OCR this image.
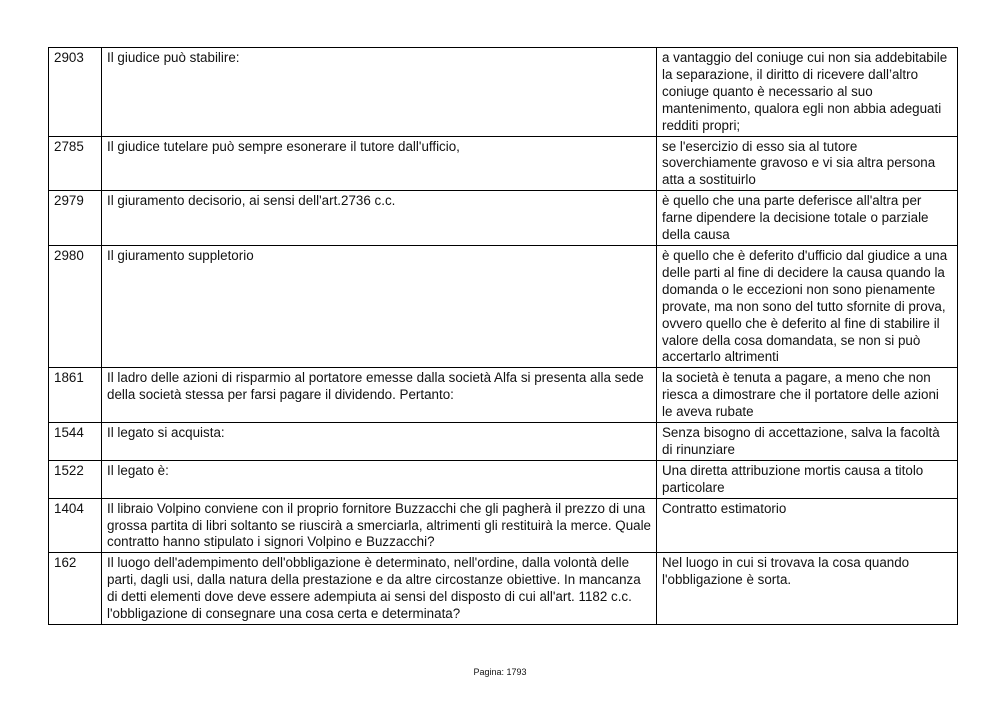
2903	Il giudice può stabilire:	a vantaggio del coniuge cui non sia addebitabile la separazione, il diritto di ricevere dall’altro coniuge quanto è necessario al suo mantenimento, qualora egli non abbia adeguati redditi propri;
2785	Il giudice tutelare può sempre esonerare il tutore dall'ufficio,	se l'esercizio di esso sia al tutore soverchiamente gravoso e vi sia altra persona atta a sostituirlo
2979	Il giuramento decisorio, ai sensi dell'art.2736 c.c.	è quello che una parte deferisce all'altra per farne dipendere la decisione totale o parziale della causa
2980	Il giuramento suppletorio	è quello che è deferito d'ufficio dal giudice a una delle parti al fine di decidere la causa quando la domanda o le eccezioni non sono pienamente provate, ma non sono del tutto sfornite di prova, ovvero quello che è deferito al fine di stabilire il valore della cosa domandata, se non si può accertarlo altrimenti
1861	Il ladro delle azioni di risparmio al portatore emesse dalla società Alfa si presenta alla sede della società stessa per farsi pagare il dividendo. Pertanto:	la società è tenuta a pagare, a meno che non riesca a dimostrare che il portatore delle azioni le aveva rubate
1544	Il legato si acquista:	Senza bisogno di accettazione, salva la facoltà di rinunziare
1522	Il legato è:	Una diretta attribuzione mortis causa a titolo particolare
1404	Il libraio Volpino conviene con il proprio fornitore Buzzacchi che gli pagherà il prezzo di una grossa partita di libri soltanto se riuscirà a smerciarla, altrimenti gli restituirà la merce. Quale contratto hanno stipulato i signori Volpino e Buzzacchi?	Contratto estimatorio
162	Il luogo dell'adempimento dell'obbligazione è determinato, nell'ordine, dalla volontà delle parti, dagli usi, dalla natura della prestazione e da altre circostanze obiettive. In mancanza di detti elementi dove deve essere adempiuta ai sensi del disposto di cui all'art. 1182 c.c. l'obbligazione di consegnare una cosa certa e determinata?	Nel luogo in cui si trovava la cosa quando l'obbligazione è sorta.
Pagina: 1793
